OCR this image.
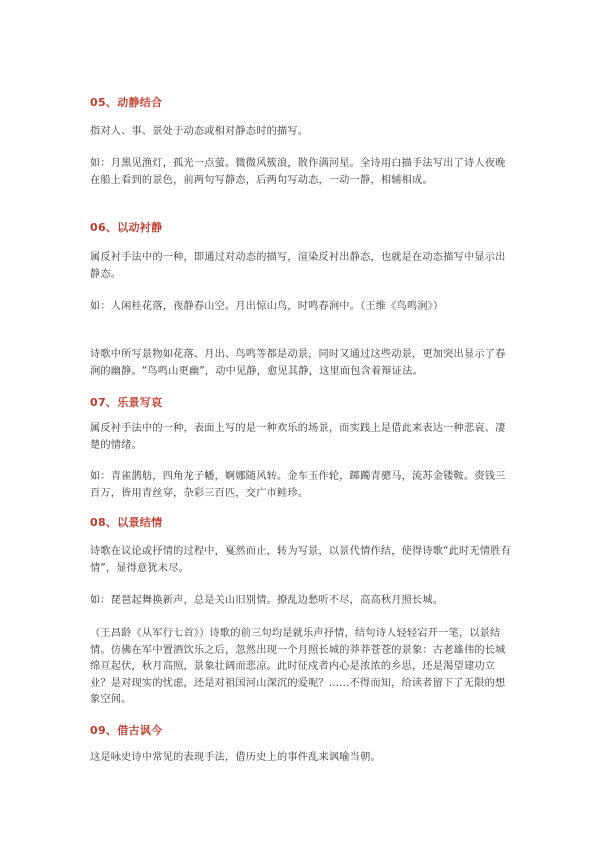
05、动静结合

指对人、事、景处于动态或相对静态时的描写。

如：月黑见渔灯，孤光一点萤。微微风簇浪，散作满河星。全诗用白描手法写出了诗人夜晚在船上看到的景色，前两句写静态，后两句写动态，一动一静，相辅相成。

06、以动衬静

属反衬手法中的一种，即通过对动态的描写，渲染反衬出静态，也就是在动态描写中显示出静态。

如：人闲桂花落，夜静春山空。月出惊山鸟，时鸣春涧中。（王维《鸟鸣涧》）

诗歌中所写景物如花落、月出、鸟鸣等都是动景，同时又通过这些动景，更加突出显示了春涧的幽静。“鸟鸣山更幽”，动中见静，愈见其静，这里面包含着辩证法。

07、乐景写哀

属反衬手法中的一种，表面上写的是一种欢乐的场景，而实践上是借此来表达一种悲哀、凄楚的情绪。

如：青雀鹊舫，四角龙子幡，婀娜随风转。金车玉作轮，踯躅青骢马，流苏金镂鞍。赍钱三百万，皆用青丝穿，杂彩三百匹，交广市鲑珍。

08、以景结情

诗歌在议论或抒情的过程中，戛然而止，转为写景，以景代情作结，使得诗歌“此时无情胜有情”，显得意犹未尽。

如：琵琶起舞换新声，总是关山旧别情。撩乱边愁听不尽，高高秋月照长城。

（王昌龄《从军行七首》）诗歌的前三句均是就乐声抒情，结句诗人轻轻宕开一笔，以景结情。仿佛在军中置酒饮乐之后，忽然出现一个月照长城的莽莽苍苍的景象：古老雄伟的长城绵亘起伏，秋月高照，景象壮阔而悲凉。此时征戍者内心是浓浓的乡思，还是渴望建功立业？是对现实的忧虑，还是对祖国河山深沉的爱呢？......不得而知，给读者留下了无限的想象空间。

09、借古讽今

这是咏史诗中常见的表现手法，借历史上的事件乱来讽喻当朝。
